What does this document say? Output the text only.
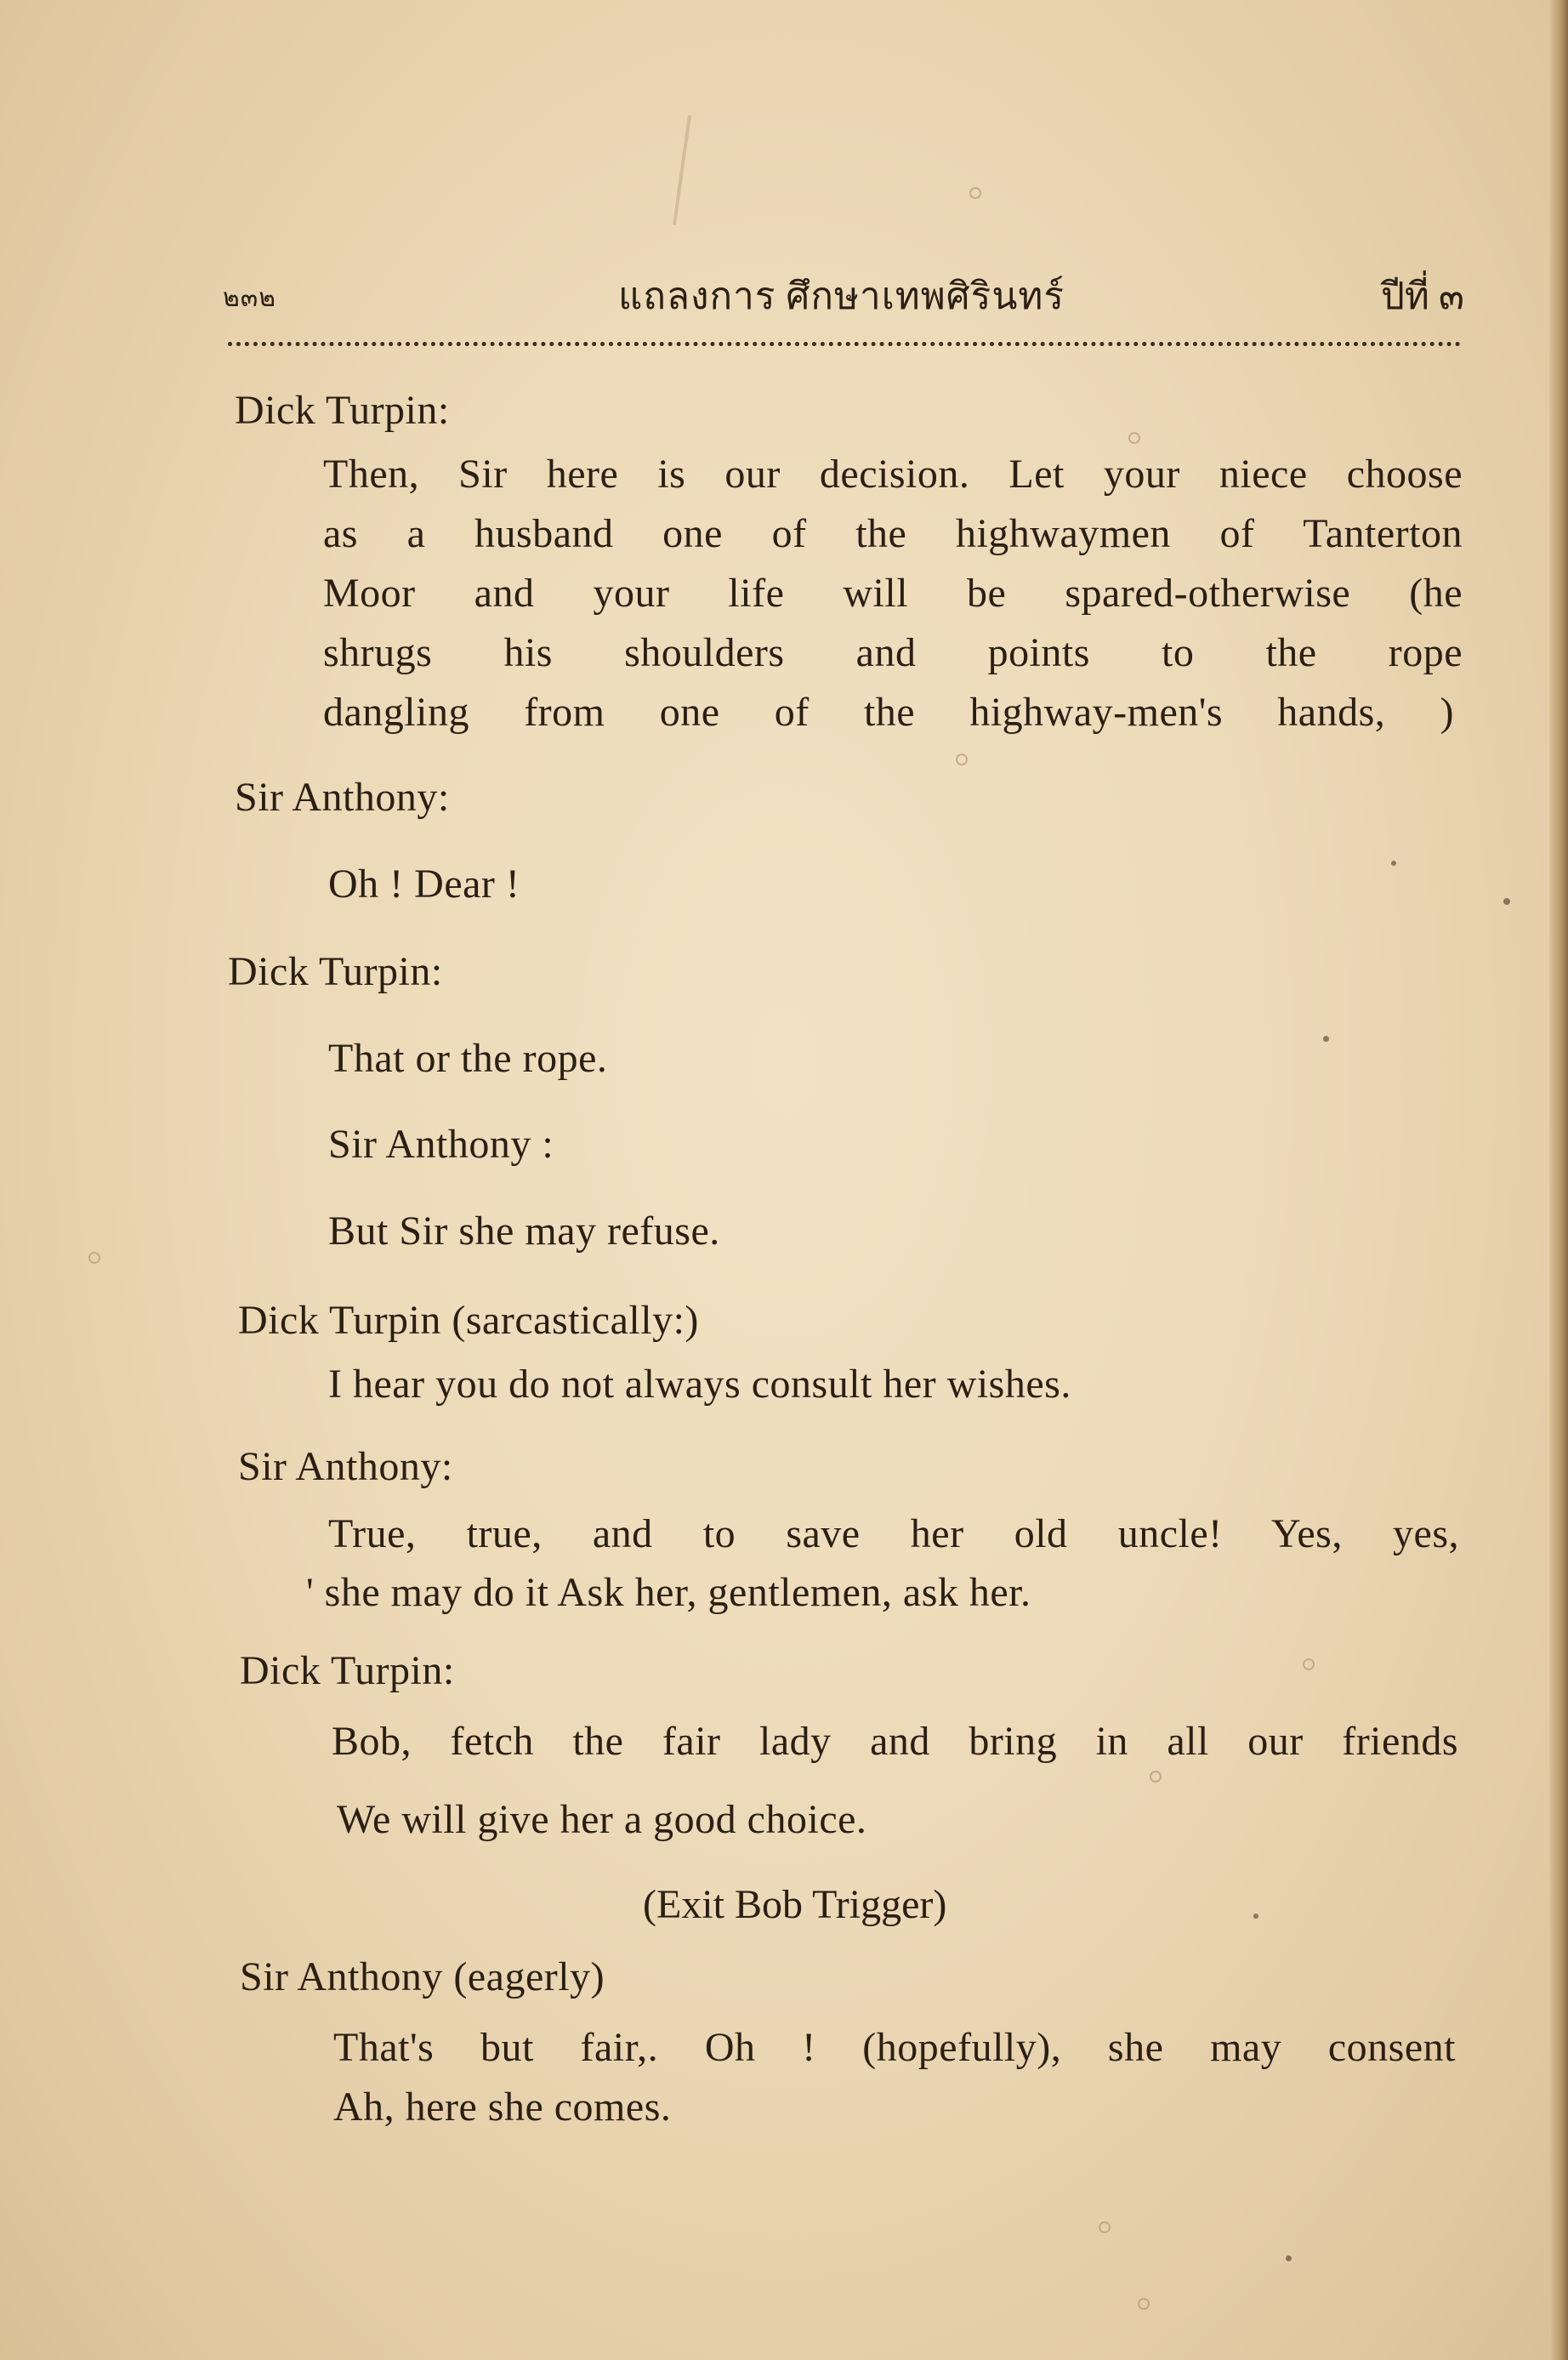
๒๓๒	แถลงการ ศึกษาเทพศิรินทร์	ปีที่ ๓
Dick Turpin:
Then, Sir here is our decision. Let your niece choose
as a husband one of the highwaymen of Tanterton
Moor and your life will be spared-otherwise (he
shrugs his shoulders and points to the rope
dangling from one of the highway-men's hands, )
Sir Anthony:
Oh ! Dear !
Dick Turpin:
That or the rope.
Sir Anthony :
But Sir she may refuse.
Dick Turpin (sarcastically:)
I hear you do not always consult her wishes.
Sir Anthony:
True, true, and to save her old uncle! Yes, yes,
' she may do it Ask her, gentlemen, ask her.
Dick Turpin:
Bob, fetch the fair lady and bring in all our friends
We will give her a good choice.
(Exit Bob Trigger)
Sir Anthony (eagerly)
That's but fair,. Oh ! (hopefully), she may consent
Ah, here she comes.
